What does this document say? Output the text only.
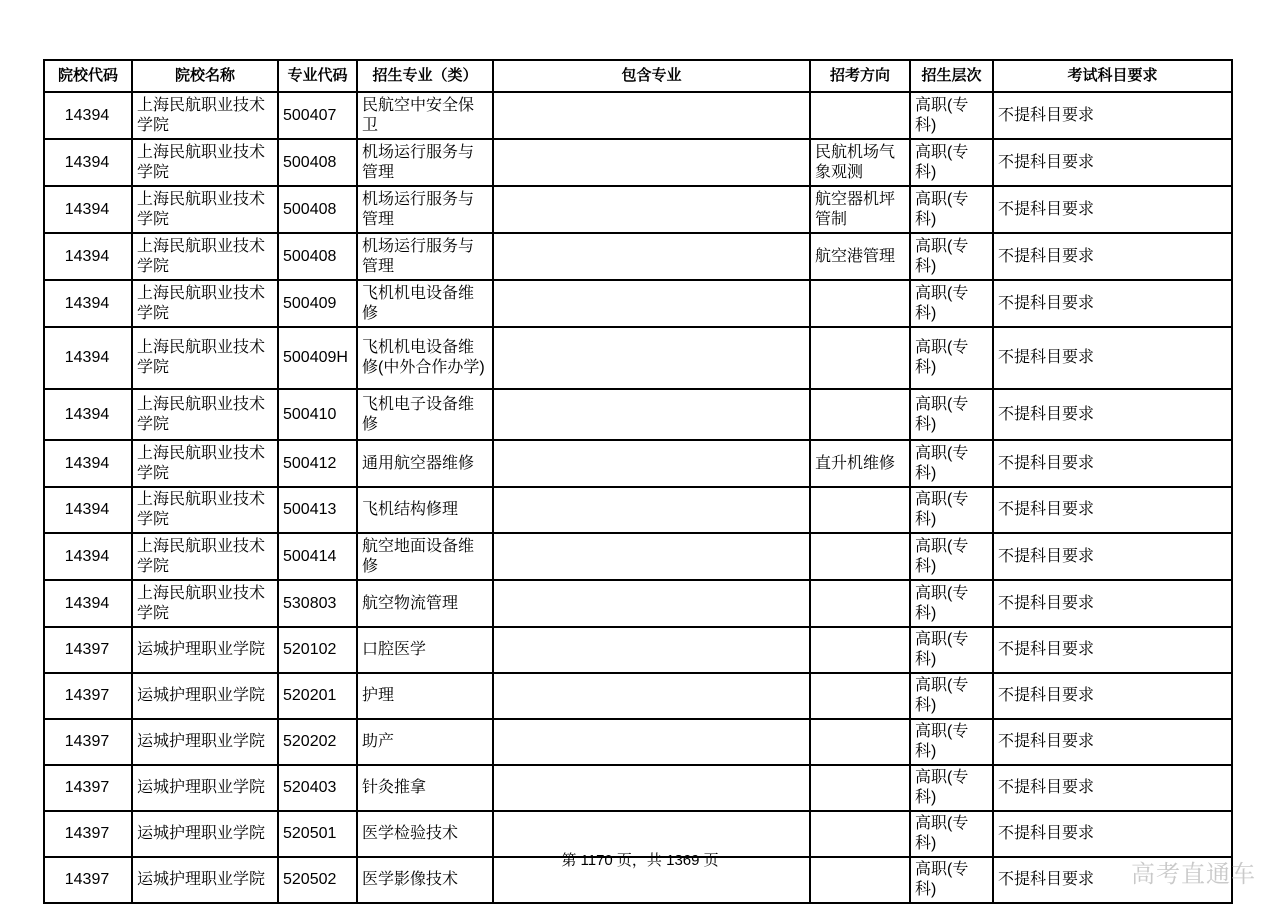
院校代码	院校名称	专业代码	招生专业（类）	包含专业	招考方向	招生层次	考试科目要求
14394	上海民航职业技术学院	500407	民航空中安全保卫			高职(专科)	不提科目要求
14394	上海民航职业技术学院	500408	机场运行服务与管理		民航机场气象观测	高职(专科)	不提科目要求
14394	上海民航职业技术学院	500408	机场运行服务与管理		航空器机坪管制	高职(专科)	不提科目要求
14394	上海民航职业技术学院	500408	机场运行服务与管理		航空港管理	高职(专科)	不提科目要求
14394	上海民航职业技术学院	500409	飞机机电设备维修			高职(专科)	不提科目要求
14394	上海民航职业技术学院	500409H	飞机机电设备维修(中外合作办学)			高职(专科)	不提科目要求
14394	上海民航职业技术学院	500410	飞机电子设备维修			高职(专科)	不提科目要求
14394	上海民航职业技术学院	500412	通用航空器维修		直升机维修	高职(专科)	不提科目要求
14394	上海民航职业技术学院	500413	飞机结构修理			高职(专科)	不提科目要求
14394	上海民航职业技术学院	500414	航空地面设备维修			高职(专科)	不提科目要求
14394	上海民航职业技术学院	530803	航空物流管理			高职(专科)	不提科目要求
14397	运城护理职业学院	520102	口腔医学			高职(专科)	不提科目要求
14397	运城护理职业学院	520201	护理			高职(专科)	不提科目要求
14397	运城护理职业学院	520202	助产			高职(专科)	不提科目要求
14397	运城护理职业学院	520403	针灸推拿			高职(专科)	不提科目要求
14397	运城护理职业学院	520501	医学检验技术			高职(专科)	不提科目要求
14397	运城护理职业学院	520502	医学影像技术			高职(专科)	不提科目要求
第 1170 页，共 1369 页
高考直通车
